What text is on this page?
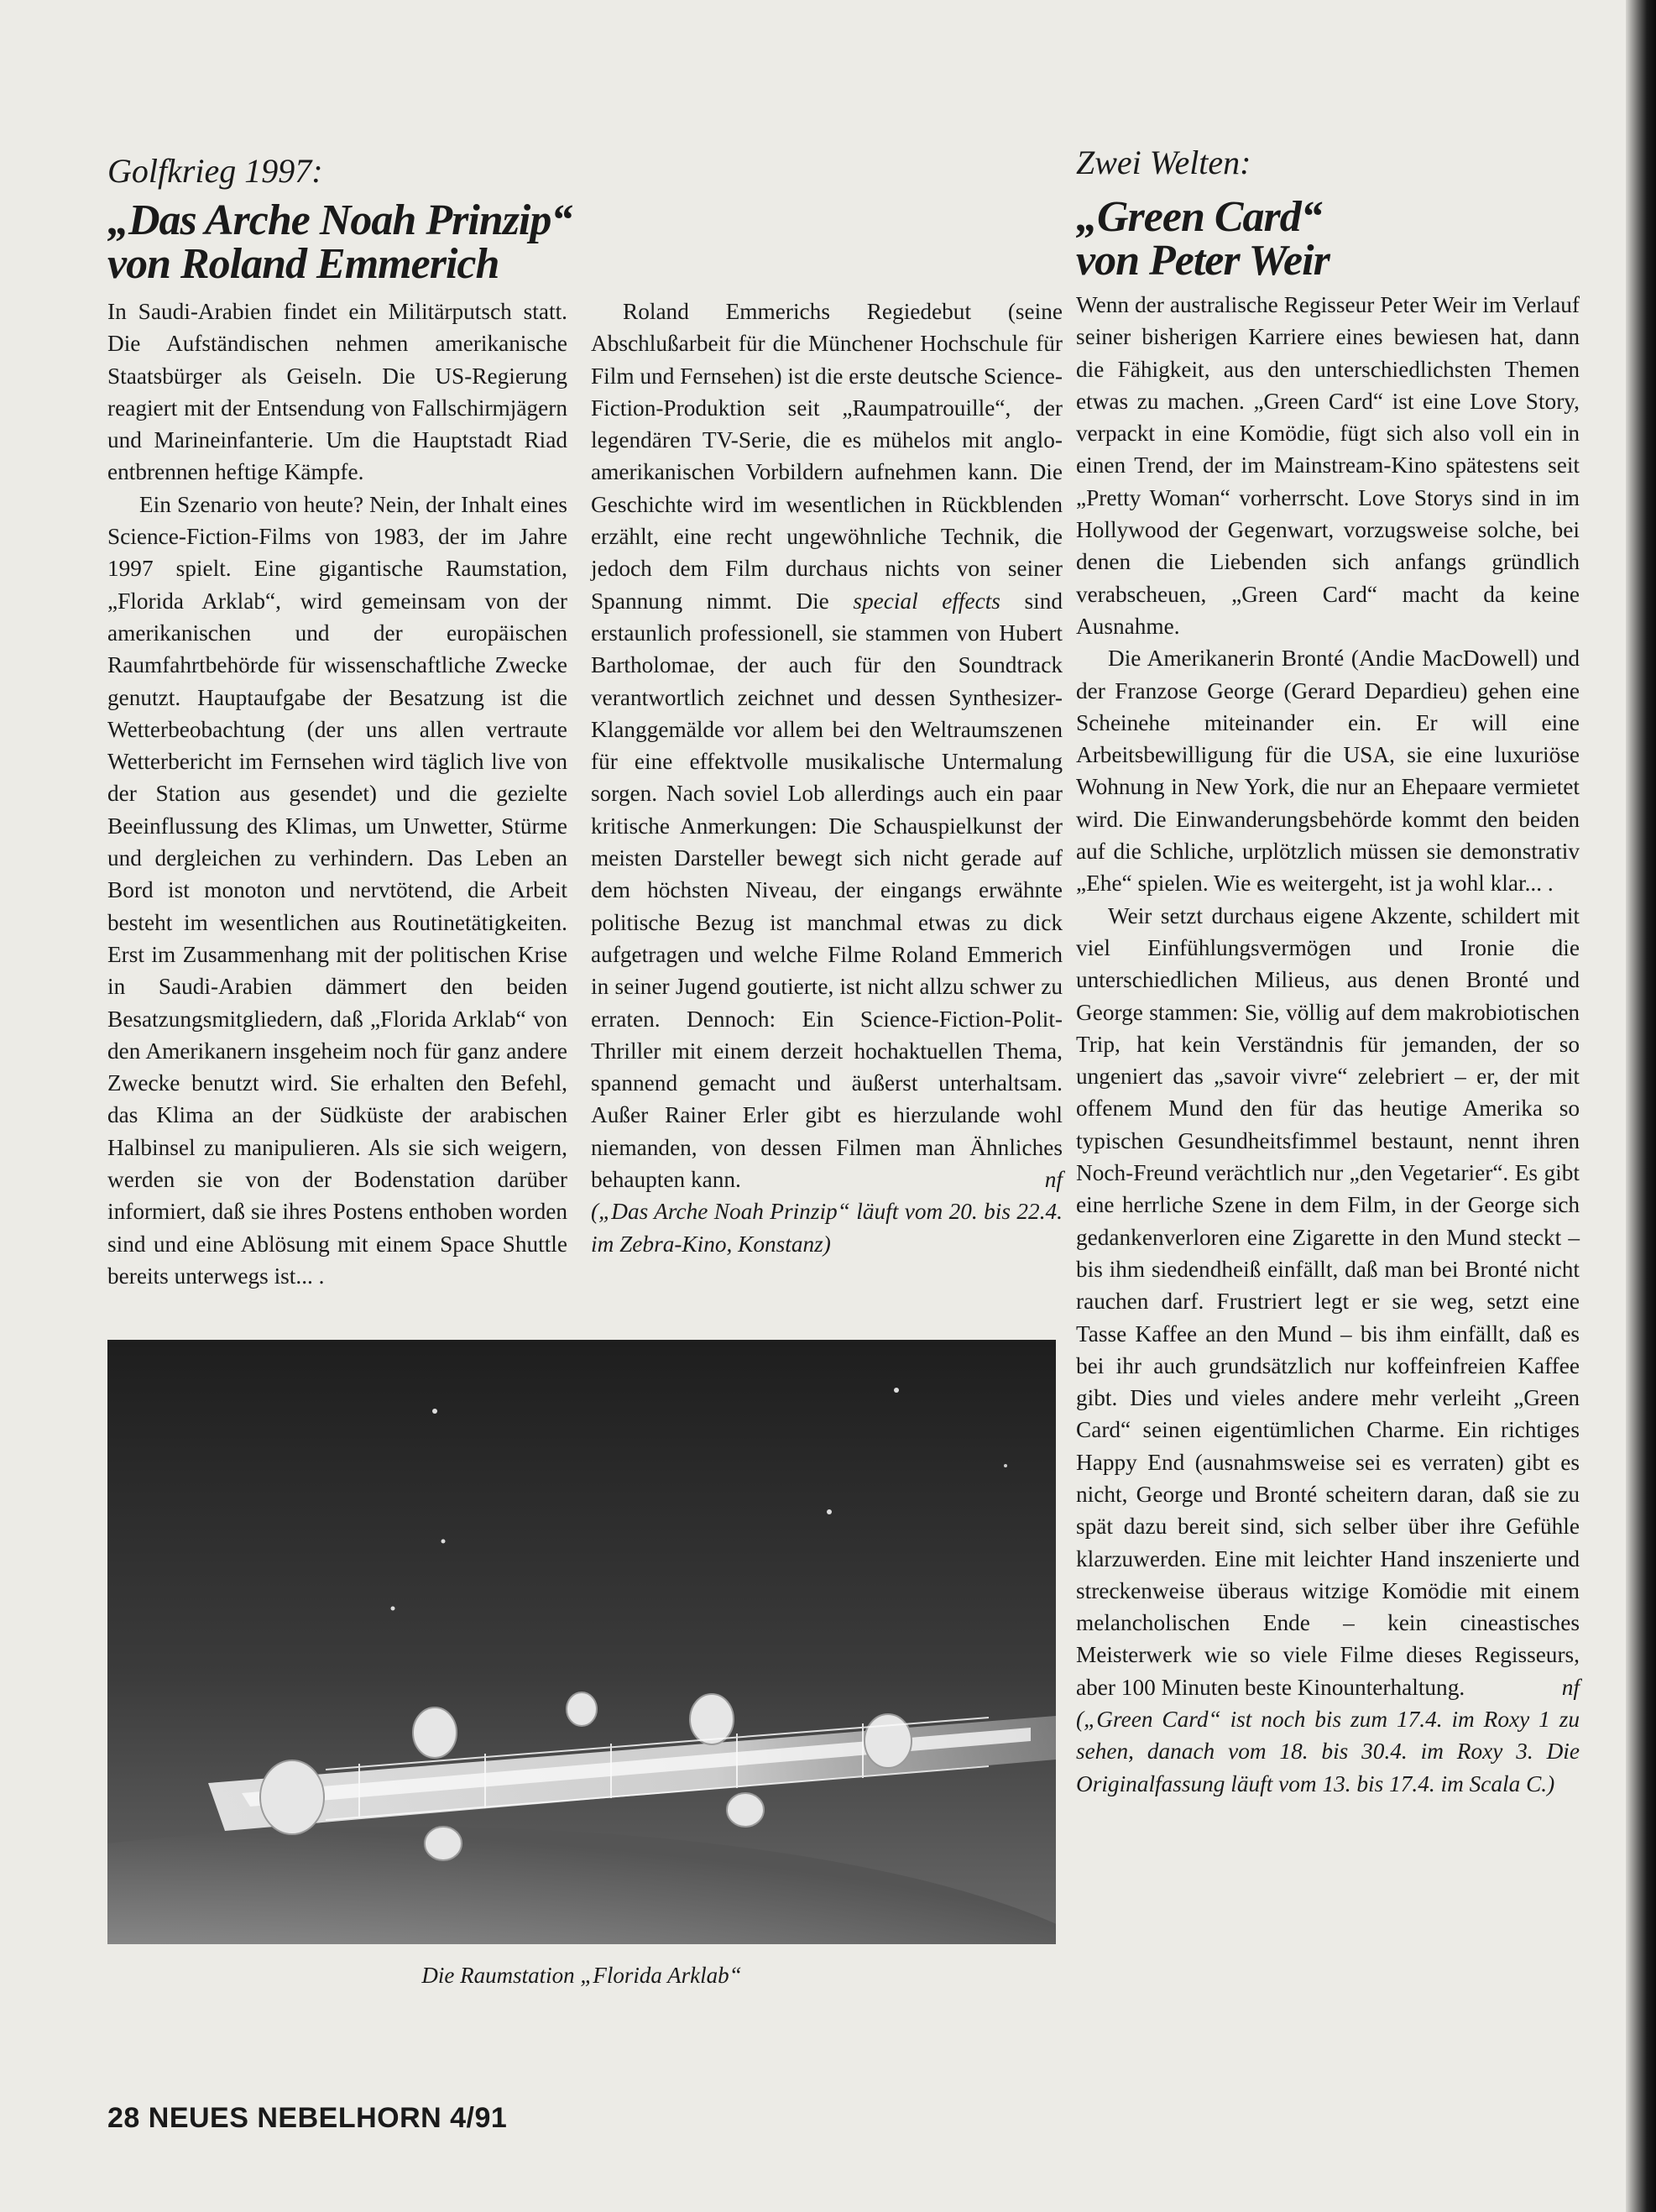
Golfkrieg 1997:
„Das Arche Noah Prinzip“
von Roland Emmerich

In Saudi-Arabien findet ein Militärputsch statt. Die Aufständischen nehmen amerikanische Staatsbürger als Geiseln. Die US-Regierung reagiert mit der Entsendung von Fallschirmjägern und Marineinfanterie. Um die Hauptstadt Riad entbrennen heftige Kämpfe.

Ein Szenario von heute? Nein, der Inhalt eines Science-Fiction-Films von 1983, der im Jahre 1997 spielt. Eine gigantische Raumstation, „Florida Arklab“, wird gemeinsam von der amerikanischen und der europäischen Raumfahrtbehörde für wissenschaftliche Zwecke genutzt. Hauptaufgabe der Besatzung ist die Wetterbeobachtung (der uns allen vertraute Wetterbericht im Fernsehen wird täglich live von der Station aus gesendet) und die gezielte Beeinflussung des Klimas, um Unwetter, Stürme und dergleichen zu verhindern. Das Leben an Bord ist monoton und nervtötend, die Arbeit besteht im wesentlichen aus Routinetätigkeiten. Erst im Zusammenhang mit der politischen Krise in Saudi-Arabien dämmert den beiden Besatzungsmitgliedern, daß „Florida Arklab“ von den Amerikanern insgeheim noch für ganz andere Zwecke benutzt wird. Sie erhalten den Befehl, das Klima an der Südküste der arabischen Halbinsel zu manipulieren. Als sie sich weigern, werden sie von der Bodenstation darüber informiert, daß sie ihres Postens enthoben worden sind und eine Ablösung mit einem Space Shuttle bereits unterwegs ist... .

Roland Emmerichs Regiedebut (seine Abschlußarbeit für die Münchener Hochschule für Film und Fernsehen) ist die erste deutsche Science-Fiction-Produktion seit „Raumpatrouille“, der legendären TV-Serie, die es mühelos mit anglo-amerikanischen Vorbildern aufnehmen kann. Die Geschichte wird im wesentlichen in Rückblenden erzählt, eine recht ungewöhnliche Technik, die jedoch dem Film durchaus nichts von seiner Spannung nimmt. Die special effects sind erstaunlich professionell, sie stammen von Hubert Bartholomae, der auch für den Soundtrack verantwortlich zeichnet und dessen Synthesizer-Klanggemälde vor allem bei den Weltraumszenen für eine effektvolle musikalische Untermalung sorgen. Nach soviel Lob allerdings auch ein paar kritische Anmerkungen: Die Schauspielkunst der meisten Darsteller bewegt sich nicht gerade auf dem höchsten Niveau, der eingangs erwähnte politische Bezug ist manchmal etwas zu dick aufgetragen und welche Filme Roland Emmerich in seiner Jugend goutierte, ist nicht allzu schwer zu erraten. Dennoch: Ein Science-Fiction-Polit-Thriller mit einem derzeit hochaktuellen Thema, spannend gemacht und äußerst unterhaltsam. Außer Rainer Erler gibt es hierzulande wohl niemanden, von dessen Filmen man Ähnliches behaupten kann.	nf

(„Das Arche Noah Prinzip“ läuft vom 20. bis 22.4. im Zebra-Kino, Konstanz)

Zwei Welten:
„Green Card“
von Peter Weir

Wenn der australische Regisseur Peter Weir im Verlauf seiner bisherigen Karriere eines bewiesen hat, dann die Fähigkeit, aus den unterschiedlichsten Themen etwas zu machen. „Green Card“ ist eine Love Story, verpackt in eine Komödie, fügt sich also voll ein in einen Trend, der im Mainstream-Kino spätestens seit „Pretty Woman“ vorherrscht. Love Storys sind in im Hollywood der Gegenwart, vorzugsweise solche, bei denen die Liebenden sich anfangs gründlich verabscheuen, „Green Card“ macht da keine Ausnahme.

Die Amerikanerin Bronté (Andie MacDowell) und der Franzose George (Gerard Depardieu) gehen eine Scheinehe miteinander ein. Er will eine Arbeitsbewilligung für die USA, sie eine luxuriöse Wohnung in New York, die nur an Ehepaare vermietet wird. Die Einwanderungsbehörde kommt den beiden auf die Schliche, urplötzlich müssen sie demonstrativ „Ehe“ spielen. Wie es weitergeht, ist ja wohl klar... .

Weir setzt durchaus eigene Akzente, schildert mit viel Einfühlungsvermögen und Ironie die unterschiedlichen Milieus, aus denen Bronté und George stammen: Sie, völlig auf dem makrobiotischen Trip, hat kein Verständnis für jemanden, der so ungeniert das „savoir vivre“ zelebriert – er, der mit offenem Mund den für das heutige Amerika so typischen Gesundheitsfimmel bestaunt, nennt ihren Noch-Freund verächtlich nur „den Vegetarier“. Es gibt eine herrliche Szene in dem Film, in der George sich gedankenverloren eine Zigarette in den Mund steckt – bis ihm siedendheiß einfällt, daß man bei Bronté nicht rauchen darf. Frustriert legt er sie weg, setzt eine Tasse Kaffee an den Mund – bis ihm einfällt, daß es bei ihr auch grundsätzlich nur koffeinfreien Kaffee gibt. Dies und vieles andere mehr verleiht „Green Card“ seinen eigentümlichen Charme. Ein richtiges Happy End (ausnahmsweise sei es verraten) gibt es nicht, George und Bronté scheitern daran, daß sie zu spät dazu bereit sind, sich selber über ihre Gefühle klarzuwerden. Eine mit leichter Hand inszenierte und streckenweise überaus witzige Komödie mit einem melancholischen Ende – kein cineastisches Meisterwerk wie so viele Filme dieses Regisseurs, aber 100 Minuten beste Kinounterhaltung.	nf

(„Green Card“ ist noch bis zum 17.4. im Roxy 1 zu sehen, danach vom 18. bis 30.4. im Roxy 3. Die Originalfassung läuft vom 13. bis 17.4. im Scala C.)

Die Raumstation „Florida Arklab“
28 NEUES NEBELHORN 4/91
